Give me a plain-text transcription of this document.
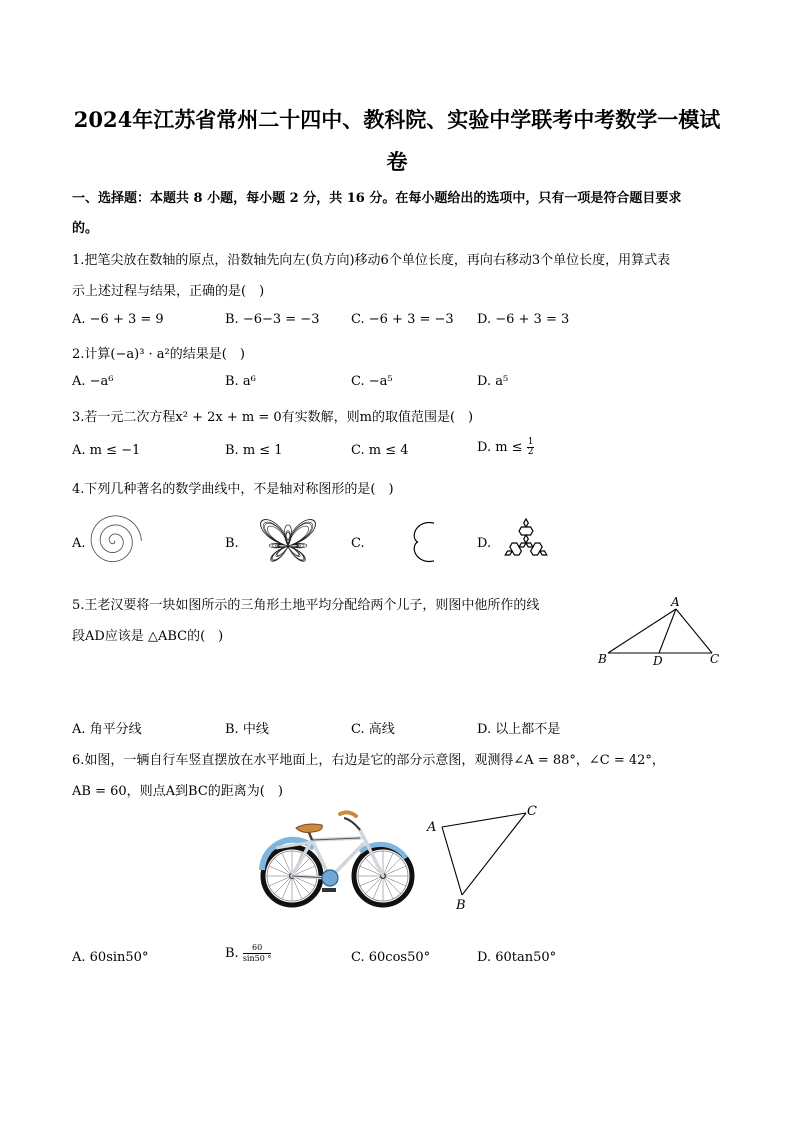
2024年江苏省常州二十四中、教科院、实验中学联考中考数学一模试
卷
一、选择题：本题共 8 小题，每小题 2 分，共 16 分。在每小题给出的选项中，只有一项是符合题目要求
的。
1.把笔尖放在数轴的原点，沿数轴先向左(负方向)移动6个单位长度，再向右移动3个单位长度，用算式表
示上述过程与结果，正确的是(　)
A. −6 + 3 = 9	B. −6−3 = −3 C. −6 + 3 = −3 D. −6 + 3 = 3
2.计算(−a)³ · a²的结果是(　)
A. −a⁶	B. a⁶	C. −a⁵	D. a⁵
3.若一元二次方程x² + 2x + m = 0有实数解，则m的取值范围是(　)
A. m ≤ −1	B. m ≤ 1	C. m ≤ 4	D. $m \le \frac{1}{2}$
4.下列几种著名的数学曲线中，不是轴对称图形的是(　)
A.	B.	C.	D.
5.王老汉要将一块如图所示的三角形土地平均分配给两个儿子，则图中他所作的线
段AD应该是 △ABC的(　)
A
B	C
D
A. 角平分线	B. 中线	C. 高线	D. 以上都不是
6.如图，一辆自行车竖直摆放在水平地面上，右边是它的部分示意图，观测得∠A = 88°，∠C = 42°，
AB = 60，则点A到BC的距离为(　)
A
C
B
A. 60sin50°	B. $\frac{60}{\sin 50 ^\circ}$	C. 60cos50°	D. 60tan50°
